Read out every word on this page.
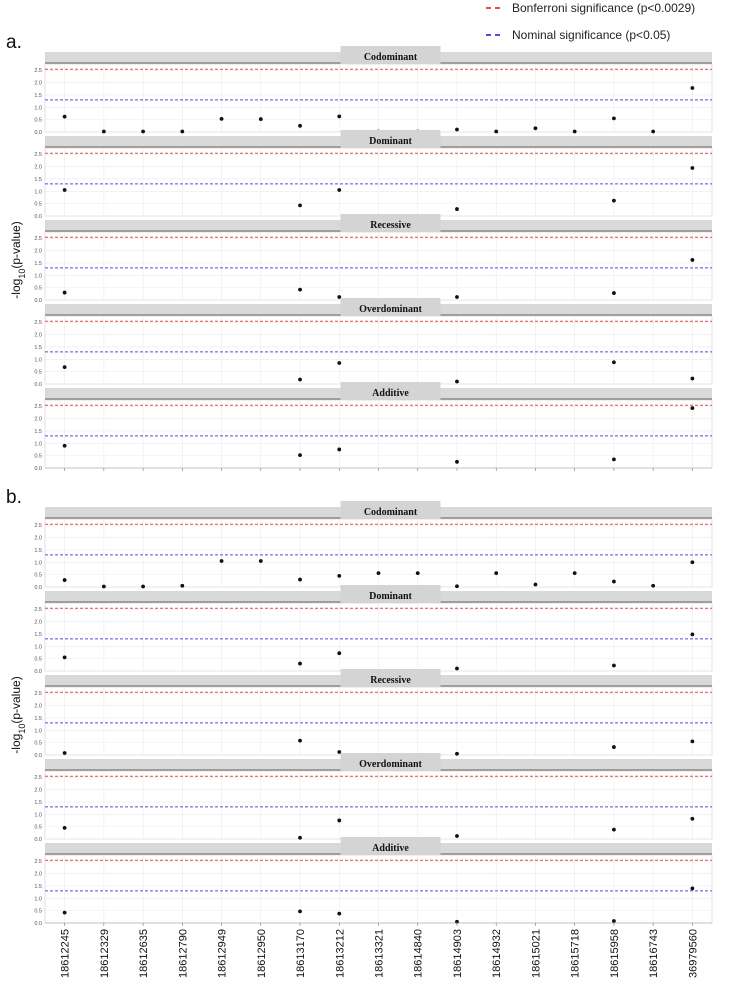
Bonferroni significance (p<0.0029)
Nominal significance (p<0.05)
a.
$-\log_{10}(p-value)$
Codominant
0.0
0.5
1.0
1.5
2.0
2.5
Dominant
0.0
0.5
1.0
1.5
2.0
2.5
Recessive
0.0
0.5
1.0
1.5
2.0
2.5
Overdominant
0.0
0.5
1.0
1.5
2.0
2.5
Additive
0.0
0.5
1.0
1.5
2.0
2.5
b.
$-\log_{10}(p-value)$
Codominant
0.0
0.5
1.0
1.5
2.0
2.5
Dominant
0.0
0.5
1.0
1.5
2.0
2.5
Recessive
0.0
0.5
1.0
1.5
2.0
2.5
Overdominant
0.0
0.5
1.0
1.5
2.0
2.5
Additive
0.0
0.5
1.0
1.5
2.0
2.5
18612245 18612329 18612635 18612790 18612949 18612950 18613170 18613212 18613321 18614840 18614903 18614932 18615021 18615718 18615958 18616743 36979560
